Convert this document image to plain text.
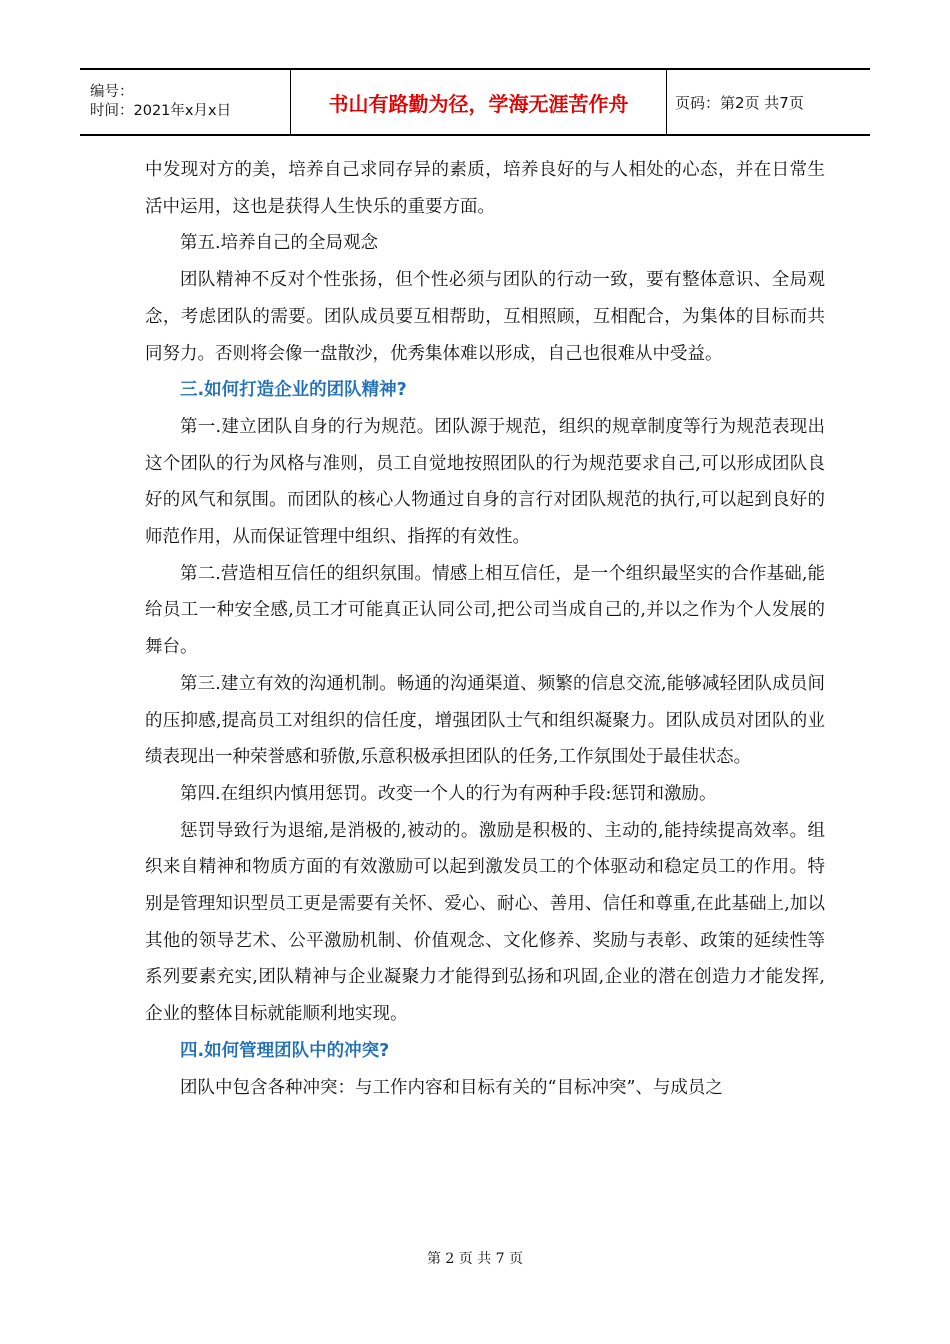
编号：
时间：2021年x月x日	书山有路勤为径，学海无涯苦作舟	页码：第2页 共7页

中发现对方的美，培养自己求同存异的素质，培养良好的与人相处的心态，并在日常生活中运用，这也是获得人生快乐的重要方面。

第五.培养自己的全局观念

团队精神不反对个性张扬，但个性必须与团队的行动一致，要有整体意识、全局观念，考虑团队的需要。团队成员要互相帮助，互相照顾，互相配合，为集体的目标而共同努力。否则将会像一盘散沙，优秀集体难以形成，自己也很难从中受益。

三.如何打造企业的团队精神?

第一.建立团队自身的行为规范。团队源于规范，组织的规章制度等行为规范表现出这个团队的行为风格与准则，员工自觉地按照团队的行为规范要求自己,可以形成团队良好的风气和氛围。而团队的核心人物通过自身的言行对团队规范的执行,可以起到良好的师范作用，从而保证管理中组织、指挥的有效性。

第二.营造相互信任的组织氛围。情感上相互信任，是一个组织最坚实的合作基础,能给员工一种安全感,员工才可能真正认同公司,把公司当成自己的,并以之作为个人发展的舞台。

第三.建立有效的沟通机制。畅通的沟通渠道、频繁的信息交流,能够减轻团队成员间的压抑感,提高员工对组织的信任度，增强团队士气和组织凝聚力。团队成员对团队的业绩表现出一种荣誉感和骄傲,乐意积极承担团队的任务,工作氛围处于最佳状态。

第四.在组织内慎用惩罚。改变一个人的行为有两种手段:惩罚和激励。

惩罚导致行为退缩,是消极的,被动的。激励是积极的、主动的,能持续提高效率。组织来自精神和物质方面的有效激励可以起到激发员工的个体驱动和稳定员工的作用。特别是管理知识型员工更是需要有关怀、爱心、耐心、善用、信任和尊重,在此基础上,加以其他的领导艺术、公平激励机制、价值观念、文化修养、奖励与表彰、政策的延续性等系列要素充实,团队精神与企业凝聚力才能得到弘扬和巩固,企业的潜在创造力才能发挥,企业的整体目标就能顺利地实现。

四.如何管理团队中的冲突?

团队中包含各种冲突：与工作内容和目标有关的“目标冲突”、与成员之

第 2 页 共 7 页
